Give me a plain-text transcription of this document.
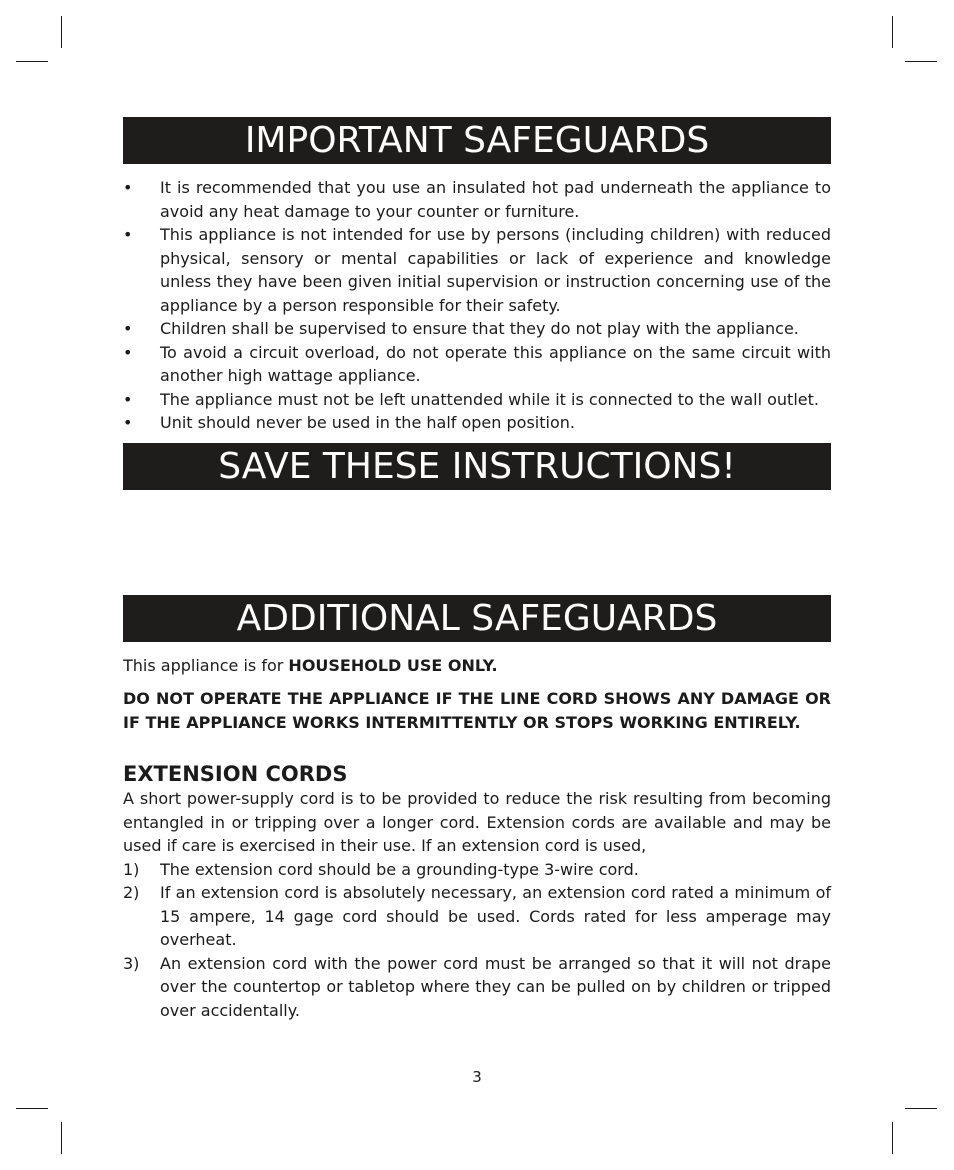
IMPORTANT SAFEGUARDS
• It is recommended that you use an insulated hot pad underneath the appliance to avoid any heat damage to your counter or furniture.
• This appliance is not intended for use by persons (including children) with reduced physical, sensory or mental capabilities or lack of experience and knowledge unless they have been given initial supervision or instruction concerning use of the appliance by a person responsible for their safety.
• Children shall be supervised to ensure that they do not play with the appliance.
• To avoid a circuit overload, do not operate this appliance on the same circuit with another high wattage appliance.
• The appliance must not be left unattended while it is connected to the wall outlet.
• Unit should never be used in the half open position.
SAVE THESE INSTRUCTIONS!
ADDITIONAL SAFEGUARDS

This appliance is for HOUSEHOLD USE ONLY.

DO NOT OPERATE THE APPLIANCE IF THE LINE CORD SHOWS ANY DAMAGE OR IF THE APPLIANCE WORKS INTERMITTENTLY OR STOPS WORKING ENTIRELY.

EXTENSION CORDS

A short power-supply cord is to be provided to reduce the risk resulting from becoming entangled in or tripping over a longer cord. Extension cords are available and may be used if care is exercised in their use. If an extension cord is used,

1) The extension cord should be a grounding-type 3-wire cord.
2) If an extension cord is absolutely necessary, an extension cord rated a minimum of 15 ampere, 14 gage cord should be used. Cords rated for less amperage may overheat.
3) An extension cord with the power cord must be arranged so that it will not drape over the countertop or tabletop where they can be pulled on by children or tripped over accidentally.
3
